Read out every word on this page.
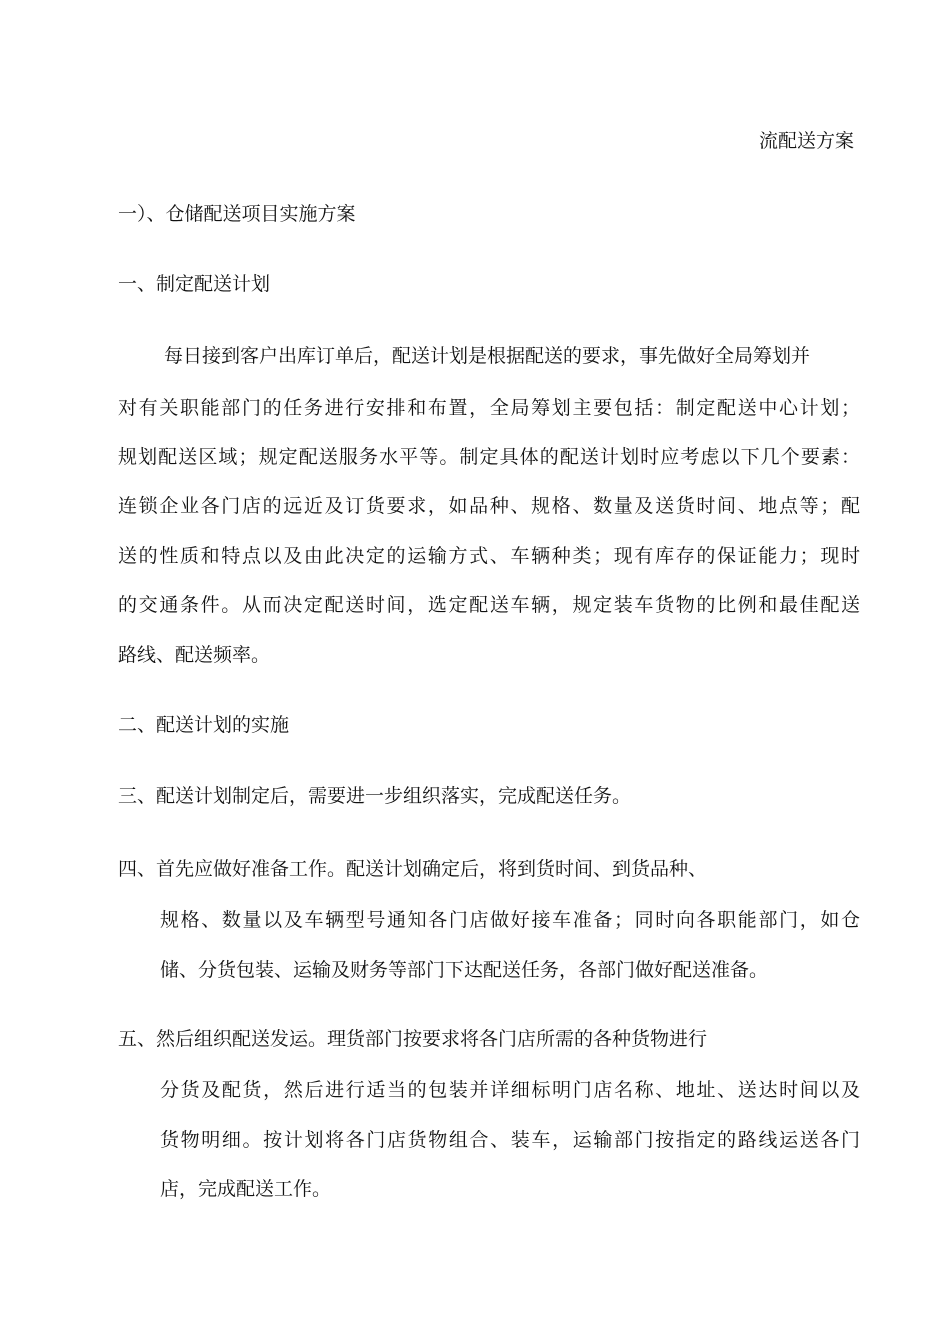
流配送方案
一）、仓储配送项目实施方案
一、制定配送计划
每日接到客户出库订单后，配送计划是根据配送的要求，事先做好全局筹划并
对有关职能部门的任务进行安排和布置，全局筹划主要包括：制定配送中心计划；
规划配送区域；规定配送服务水平等。制定具体的配送计划时应考虑以下几个要素：
连锁企业各门店的远近及订货要求，如品种、规格、数量及送货时间、地点等；配
送的性质和特点以及由此决定的运输方式、车辆种类；现有库存的保证能力；现时
的交通条件。从而决定配送时间，选定配送车辆，规定装车货物的比例和最佳配送
路线、配送频率。
二、配送计划的实施
三、配送计划制定后，需要进一步组织落实，完成配送任务。
四、首先应做好准备工作。配送计划确定后，将到货时间、到货品种、
规格、数量以及车辆型号通知各门店做好接车准备；同时向各职能部门，如仓
储、分货包装、运输及财务等部门下达配送任务，各部门做好配送准备。
五、然后组织配送发运。理货部门按要求将各门店所需的各种货物进行
分货及配货，然后进行适当的包装并详细标明门店名称、地址、送达时间以及
货物明细。按计划将各门店货物组合、装车，运输部门按指定的路线运送各门
店，完成配送工作。
